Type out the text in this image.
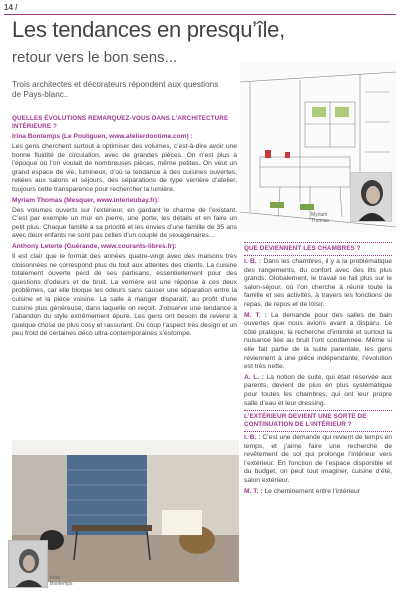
14 /
Les tendances en presqu’île,
retour vers le bon sens...

Trois architectes et décorateurs répondent aux questions de Pays-blanc..

QUELLES ÉVOLUTIONS REMARQUEZ-VOUS DANS L’ARCHITECTURE INTÉRIEURE ?
Irina Bontemps (Le Pouliguen, www.atelierdootime.com) :

Les gens cherchent surtout à optimiser des volumes, c’est-à-dire avoir une bonne fluidité de circulation, avec de grandes pièces. On n’est plus à l’époque où l’on voulait de nombreuses pièces, même petites. On veut un grand espace de vie, lumineux, d’où la tendance à des cuisines ouvertes, reliées aux salons et séjours, des séparations de type verrière d’atelier, toujours cette transparence pour rechercher la lumière.

Myriam Thomas (Mesquer, www.interieubay.fr):

Des volumes ouverts sur l’extérieur, en gardant le charme de l’existant. C’est par exemple un mur en pierre, une porte, les détails et en faire un petit plus. Chaque famille a sa priorité et les envies d’une famille de 35 ans avec deux enfants ne sont pas celles d’un couple de sexagénaires…

Anthony Leterte (Guérande, www.courants-libres.fr):

Il est clair que le format des années quatre-vingt avec des maisons très cloisonnées ne correspond plus du tout aux attentes des clients. La cuisine totalement ouverte perd de ses partisans, essentiellement pour des questions d’odeurs et de bruit. La verrière est une réponse à ces deux problèmes, car elle bloque les odeurs sans causer une séparation entre la cuisine et la pièce voisine. La salle à manger disparaît, au profit d’une cuisine plus généreuse, dans laquelle on reçoit. J’observe une tendance à l’abandon du style extrêmement épuré. Les gens ont besoin de revenir à quelque chose de plus cosy et rassurant. Du coup l’aspect très design et un peu froid de certaines déco ultra-contemporaines s’estompe.

Myriam
Thomas
QUE DEVIENNENT LES CHAMBRES ?

I. B. : Dans les chambres, il y a la problématique des rangements, du confort avec des lits plus grands. Globalement, le travail se fait plus sur le salon-séjour, où l’on cherche à réunir toute la famille et ses activités, à travers les fonctions de repas, de repos et de loisir.

M. T. : La demande pour des salles de bain ouvertes que nous avions avant a disparu. Le côté pratique, la recherche d’intimité et surtout la nuisance liée au bruit l’ont condamnée. Même si elle fait partie de la suite parentale, les gens reviennent à une pièce indépendante, l’évolution est très nette.

A. L. : La notion de suite, qui était réservée aux parents, devient de plus en plus systématique pour toutes les chambres, qui ont leur propre salle d’eau et leur dressing.

L’EXTÉRIEUR DEVIENT UNE SORTE DE CONTINUATION DE L’INTÉRIEUR ?

I. B. : C’est une demande qui revient de temps en temps, et j’aime faire une recherche de revêtement de sol qui prolonge l’intérieur vers l’extérieur. En fonction de l’espace disponible et du budget, on peut tout imaginer, cuisine d’été, salon extérieur.

M. T. : Le cheminement entre l’intérieur

Irina
Bontemps
